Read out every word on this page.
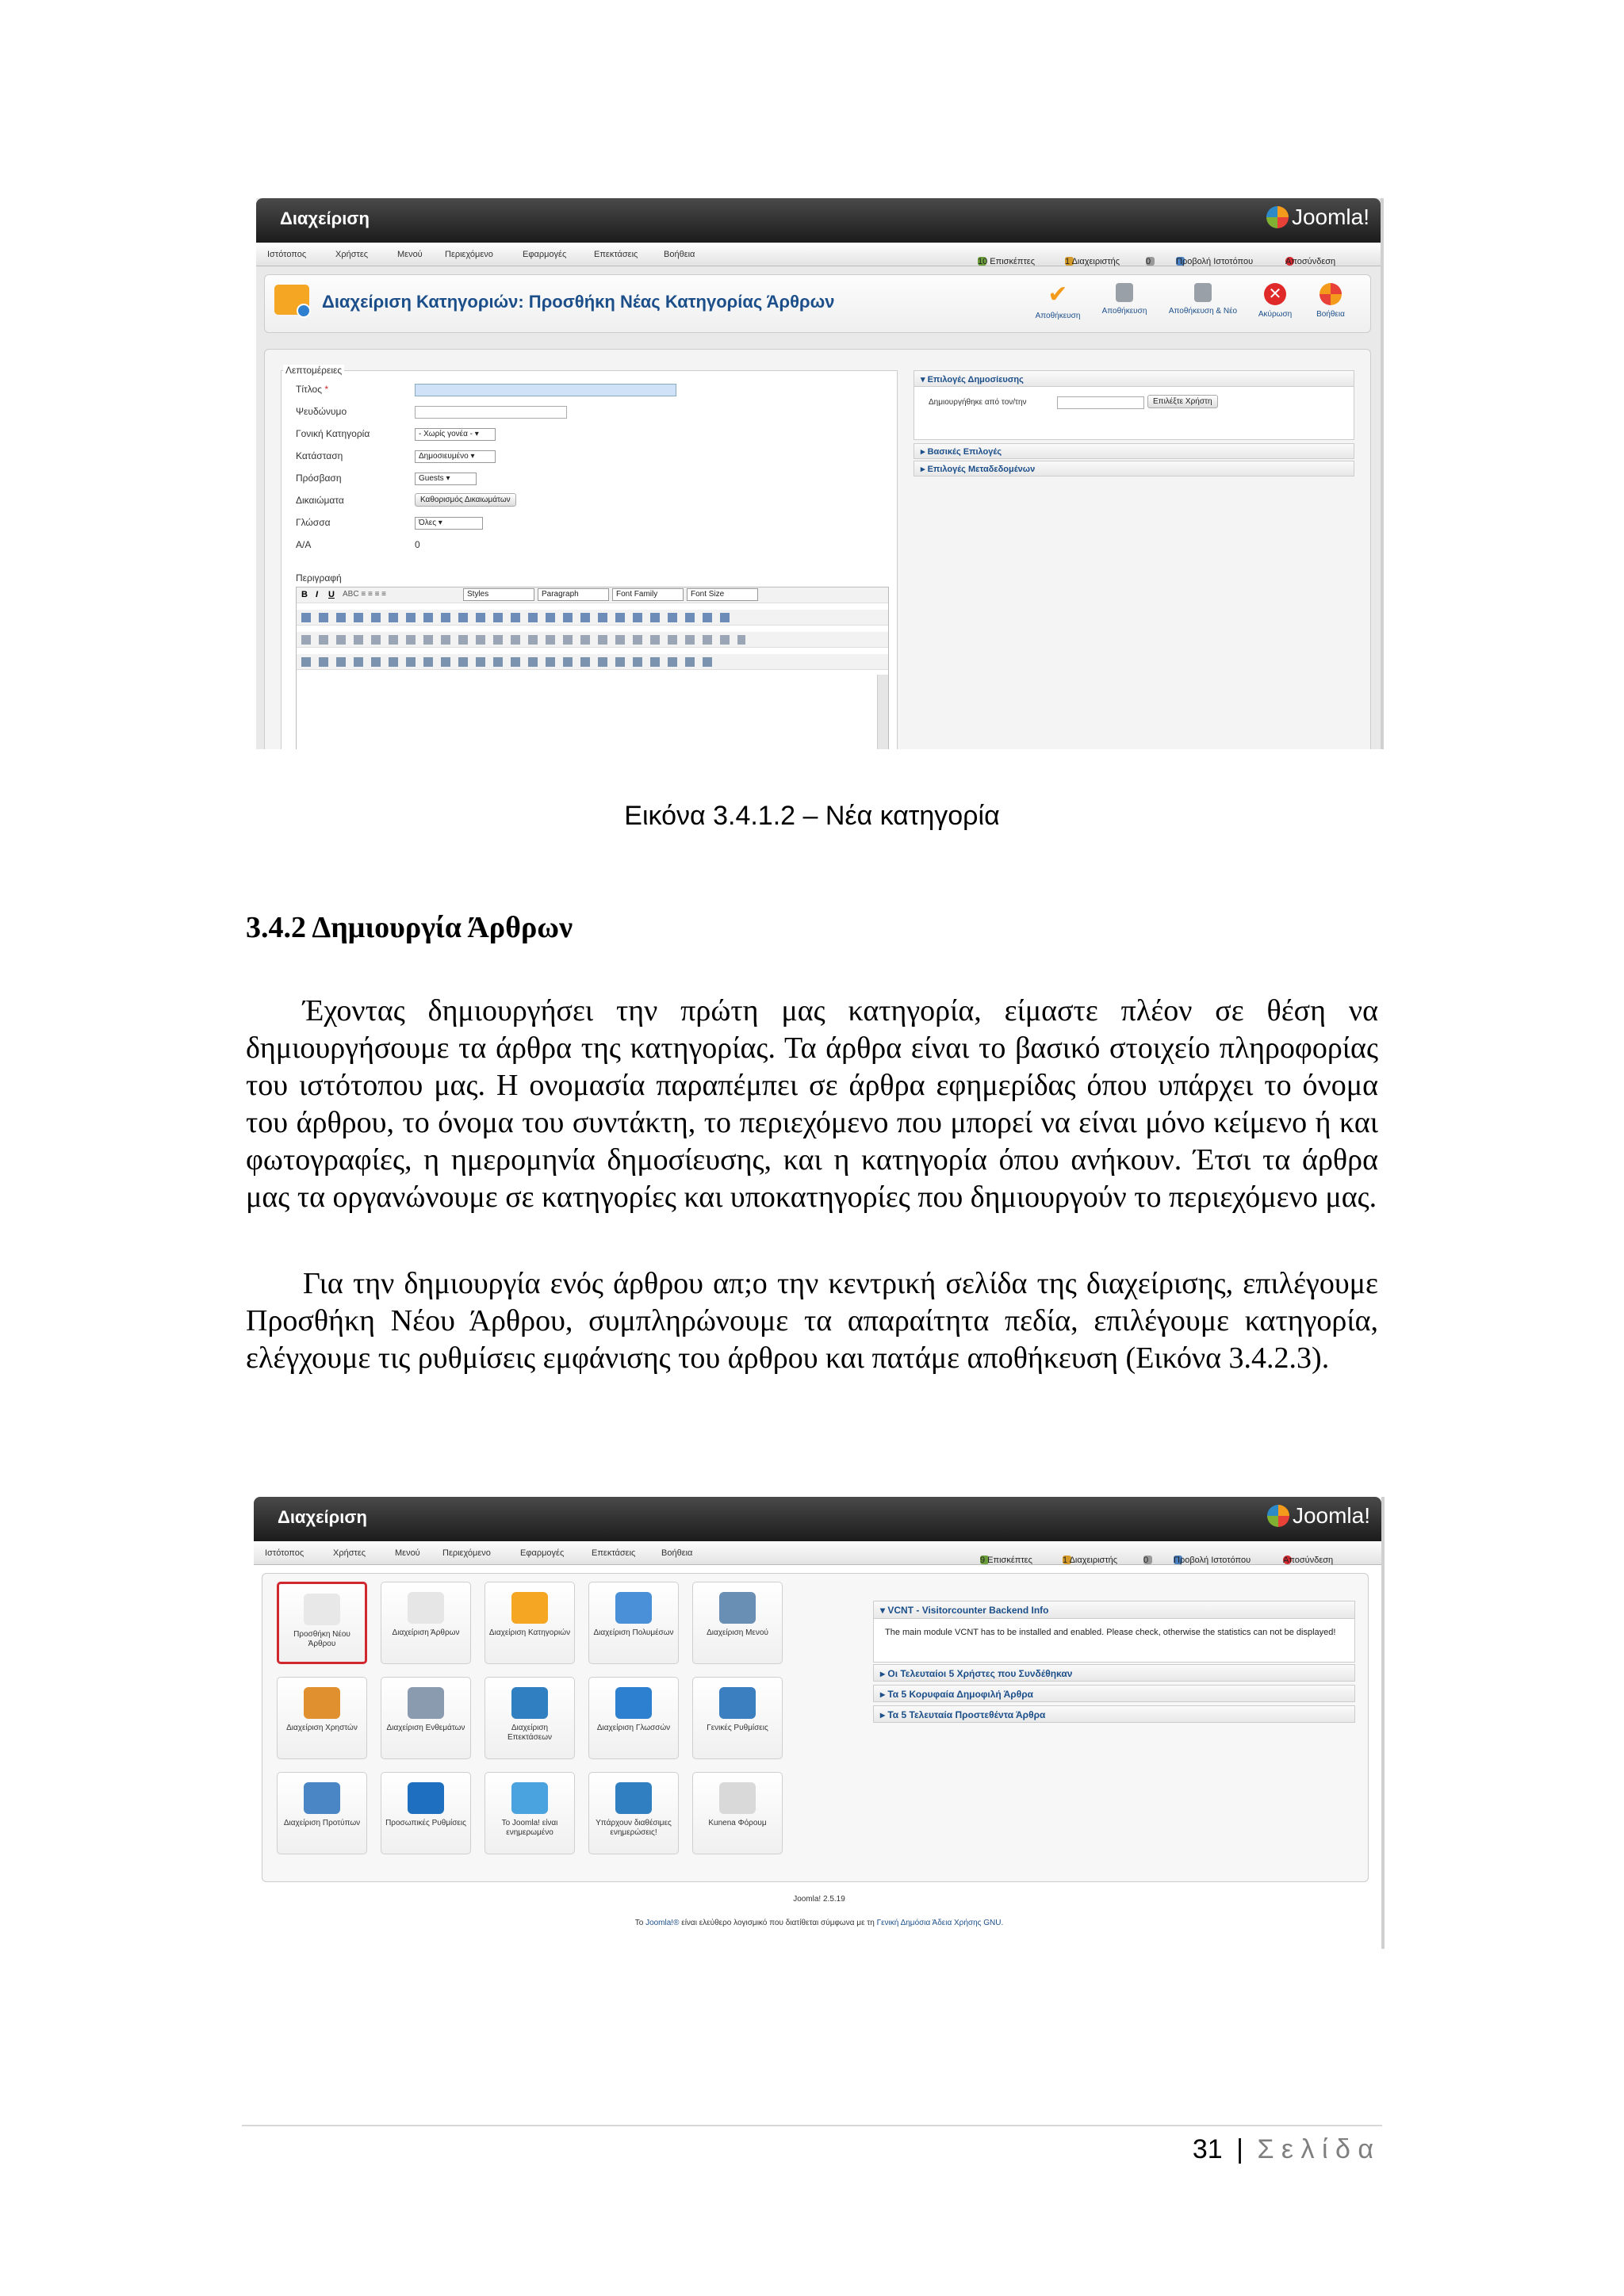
Διαχείριση	Joomla!
Ιστότοπος	Χρήστες	Μενού	Περιεχόμενο	Εφαρμογές	Επεκτάσεις	Βοήθεια
10 Επισκέπτες	1 Διαχειριστής	0	Προβολή Ιστοτόπου	Αποσύνδεση
Διαχείριση Κατηγοριών: Προσθήκη Νέας Κατηγορίας Άρθρων	✔
Αποθήκευση
Αποθήκευση	Αποθήκευση & Νέο
✕
Ακύρωση	Βοήθεια
Λεπτομέρειες
Τίτλος *
Ψευδώνυμο
Γονική Κατηγορία	- Χωρίς γονέα - ▾
Κατάσταση	Δημοσιευμένο ▾
Πρόσβαση	Guests ▾
Δικαιώματα	Καθορισμός Δικαιωμάτων
Γλώσσα	Όλες ▾
Α/Α	0
Περιγραφή
B I U ABC ≡ ≡ ≡ ≡	Styles	Paragraph	Font Family	Font Size
▾ Επιλογές Δημοσίευσης
Δημιουργήθηκε από τον/την	Επιλέξτε Χρήστη
▸ Βασικές Επιλογές
▸ Επιλογές Μεταδεδομένων
Εικόνα 3.4.1.2 – Νέα κατηγορία
3.4.2 Δημιουργία Άρθρων

Έχοντας δημιουργήσει την πρώτη μας κατηγορία, είμαστε πλέον σε θέση να δημιουργήσουμε τα άρθρα της κατηγορίας. Τα άρθρα είναι το βασικό στοιχείο πληροφορίας του ιστότοπου μας. Η ονομασία παραπέμπει σε άρθρα εφημερίδας όπου υπάρχει το όνομα του άρθρου, το όνομα του συντάκτη, το περιεχόμενο που μπορεί να είναι μόνο κείμενο ή και φωτογραφίες, η ημερομηνία δημοσίευσης, και η κατηγορία όπου ανήκουν. Έτσι τα άρθρα μας τα οργανώνουμε σε κατηγορίες και υποκατηγορίες που δημιουργούν το περιεχόμενο μας.

Για την δημιουργία ενός άρθρου απ;ο την κεντρική σελίδα της διαχείρισης, επιλέγουμε Προσθήκη Νέου Άρθρου, συμπληρώνουμε τα απαραίτητα πεδία, επιλέγουμε κατηγορία, ελέγχουμε τις ρυθμίσεις εμφάνισης του άρθρου και πατάμε αποθήκευση (Εικόνα 3.4.2.3).

Διαχείριση	Joomla!
Ιστότοπος	Χρήστες	Μενού	Περιεχόμενο	Εφαρμογές	Επεκτάσεις	Βοήθεια
9 Επισκέπτες	1 Διαχειριστής	0	Προβολή Ιστοτόπου	Αποσύνδεση
Προσθήκη Νέου Άρθρου
Διαχείριση Άρθρων	Διαχείριση Κατηγοριών	Διαχείριση Πολυμέσων	Διαχείριση Μενού
Διαχείριση Χρηστών	Διαχείριση Ενθεμάτων	Διαχείριση Επεκτάσεων
Διαχείριση Γλωσσών	Γενικές Ρυθμίσεις
Διαχείριση Προτύπων	Προσωπικές Ρυθμίσεις	Το Joomla! είναι ενημερωμένο
Υπάρχουν διαθέσιμες ενημερώσεις!
Kunena Φόρουμ
▾ VCNT - Visitorcounter Backend Info
The main module VCNT has to be installed and enabled. Please check, otherwise the statistics can not be displayed!
▸ Οι Τελευταίοι 5 Χρήστες που Συνδέθηκαν
▸ Τα 5 Κορυφαία Δημοφιλή Άρθρα
▸ Τα 5 Τελευταία Προστεθέντα Άρθρα
Joomla! 2.5.19
Το Joomla!® είναι ελεύθερο λογισμικό που διατίθεται σύμφωνα με τη Γενική Δημόσια Άδεια Χρήσης GNU.
31 | Σ ε λ ί δ α
